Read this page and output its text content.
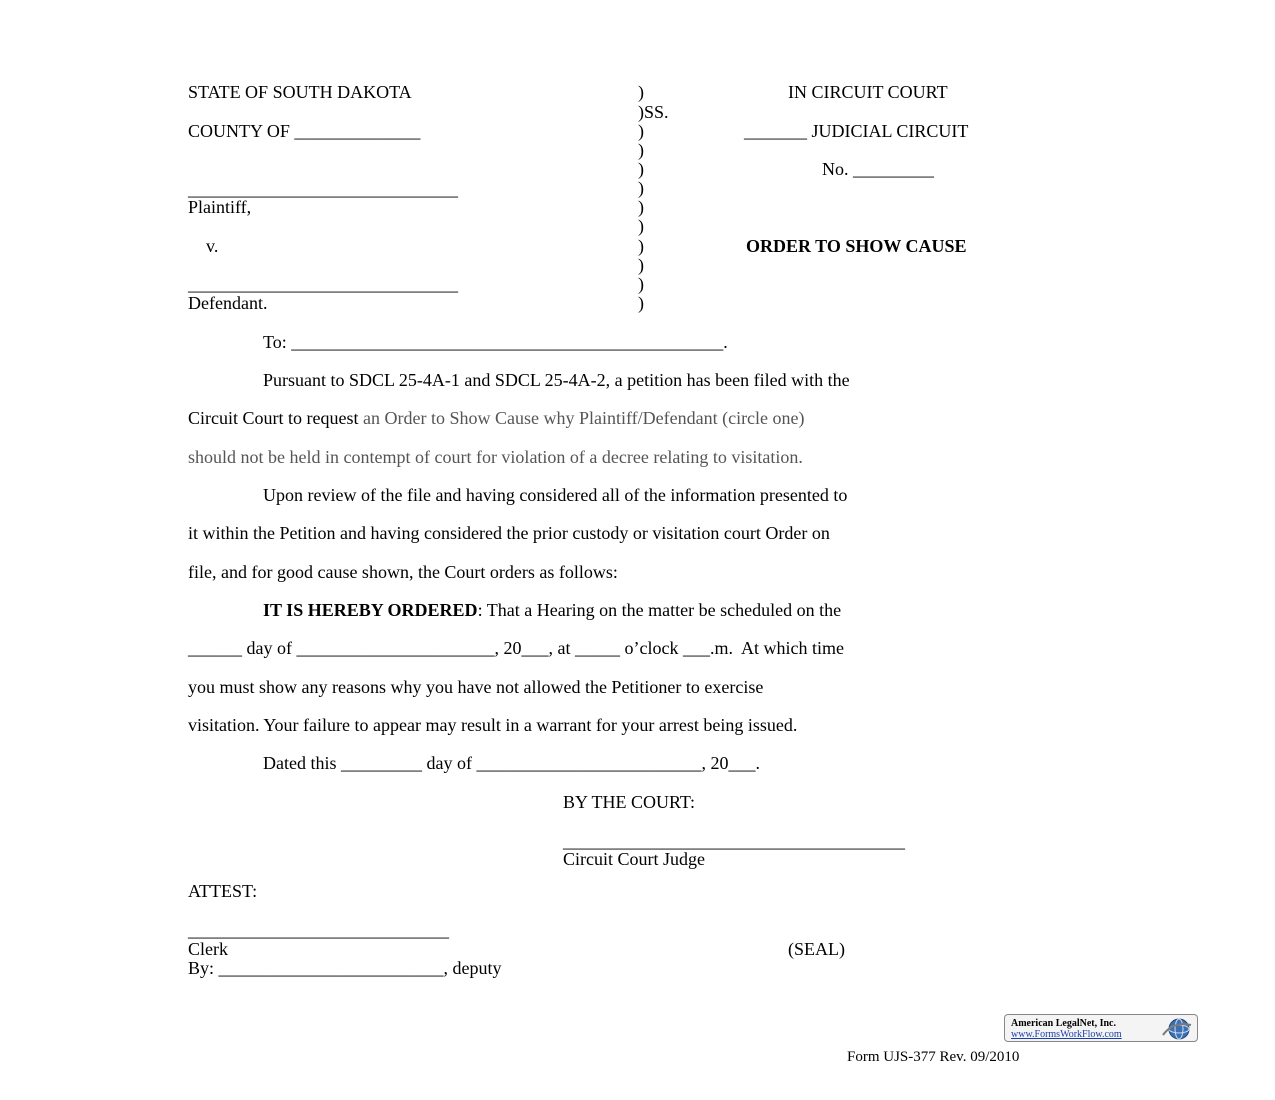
STATE OF SOUTH DAKOTA
COUNTY OF ______________
______________________________
Plaintiff,
v.
______________________________
Defendant.
)
)SS.
)
)
)
)
)
)
)
)
)
)
IN CIRCUIT COURT
_______ JUDICIAL CIRCUIT
No. _________
ORDER TO SHOW CAUSE
To: ________________________________________________.
Pursuant to SDCL 25-4A-1 and SDCL 25-4A-2, a petition has been filed with the
Circuit Court to request an Order to Show Cause why Plaintiff/Defendant (circle one)
should not be held in contempt of court for violation of a decree relating to visitation.
Upon review of the file and having considered all of the information presented to
it within the Petition and having considered the prior custody or visitation court Order on
file, and for good cause shown, the Court orders as follows:
IT IS HEREBY ORDERED: That a Hearing on the matter be scheduled on the
______ day of ______________________, 20___, at _____ o’clock ___.m.  At which time
you must show any reasons why you have not allowed the Petitioner to exercise
visitation. Your failure to appear may result in a warrant for your arrest being issued.
Dated this _________ day of _________________________, 20___.
BY THE COURT:
______________________________________
Circuit Court Judge
ATTEST:
_____________________________
Clerk	(SEAL)
By: _________________________, deputy
American LegalNet, Inc.
www.FormsWorkFlow.com
Form UJS-377 Rev. 09/2010
